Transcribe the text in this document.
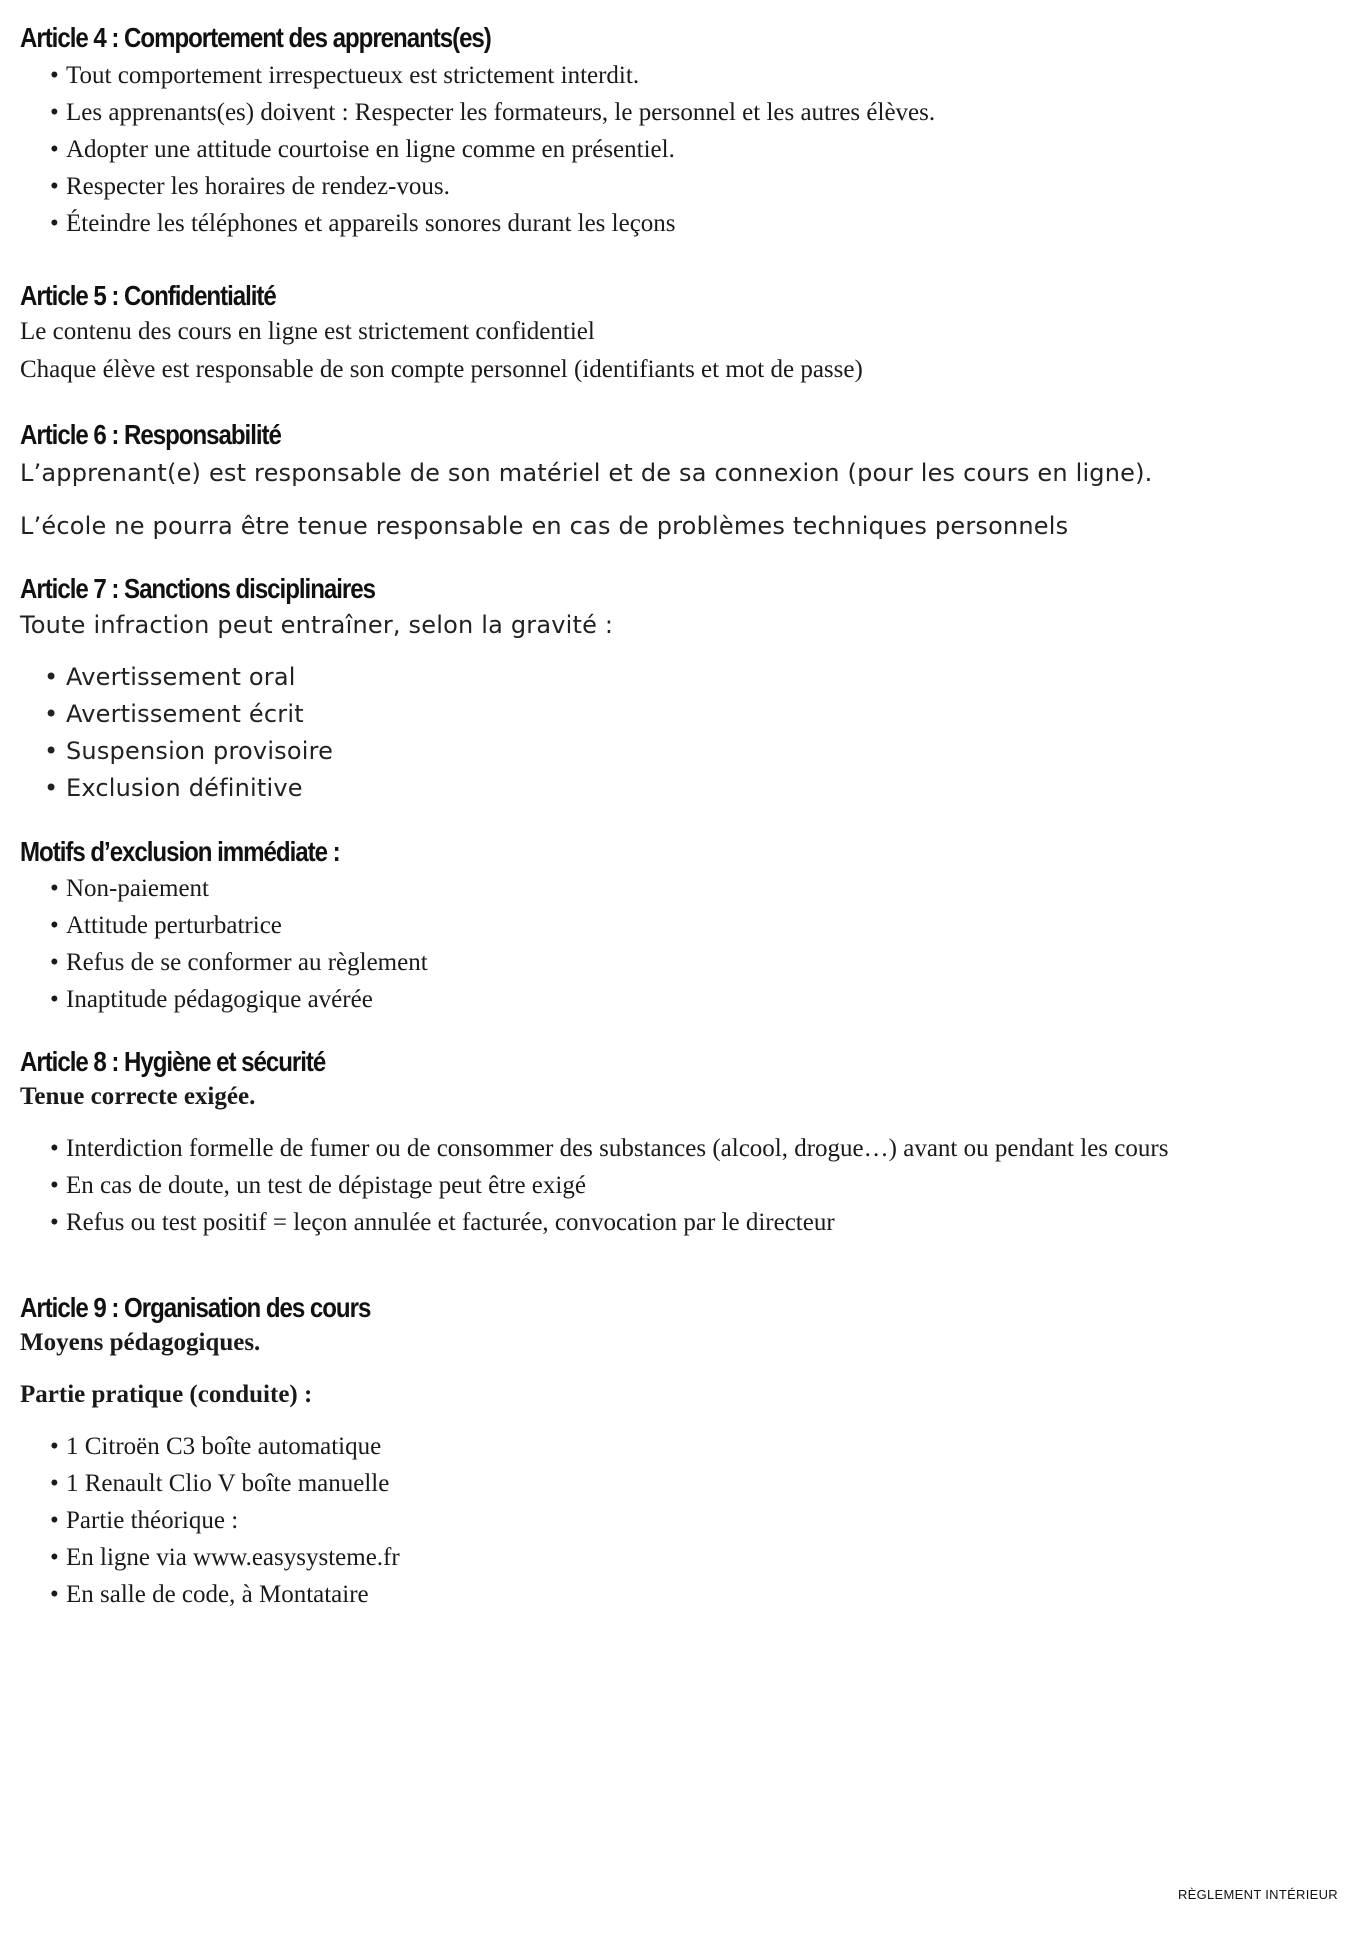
Article 4 : Comportement des apprenants(es)
• Tout comportement irrespectueux est strictement interdit.
• Les apprenants(es) doivent : Respecter les formateurs, le personnel et les autres élèves.
• Adopter une attitude courtoise en ligne comme en présentiel.
• Respecter les horaires de rendez-vous.
• Éteindre les téléphones et appareils sonores durant les leçons
Article 5 : Confidentialité

Le contenu des cours en ligne est strictement confidentiel

Chaque élève est responsable de son compte personnel (identifiants et mot de passe)

Article 6 : Responsabilité

L’apprenant(e) est responsable de son matériel et de sa connexion (pour les cours en ligne).

L’école ne pourra être tenue responsable en cas de problèmes techniques personnels

Article 7 : Sanctions disciplinaires

Toute infraction peut entraîner, selon la gravité :

• Avertissement oral
• Avertissement écrit
• Suspension provisoire
• Exclusion définitive
Motifs d’exclusion immédiate :
• Non-paiement
• Attitude perturbatrice
• Refus de se conformer au règlement
• Inaptitude pédagogique avérée
Article 8 : Hygiène et sécurité

Tenue correcte exigée.

• Interdiction formelle de fumer ou de consommer des substances (alcool, drogue…) avant ou pendant les cours
• En cas de doute, un test de dépistage peut être exigé
• Refus ou test positif = leçon annulée et facturée, convocation par le directeur
Article 9 : Organisation des cours

Moyens pédagogiques.

Partie pratique (conduite) :

• 1 Citroën C3 boîte automatique
• 1 Renault Clio V boîte manuelle
• Partie théorique :
• En ligne via www.easysysteme.fr
• En salle de code, à Montataire
RÈGLEMENT INTÉRIEUR
